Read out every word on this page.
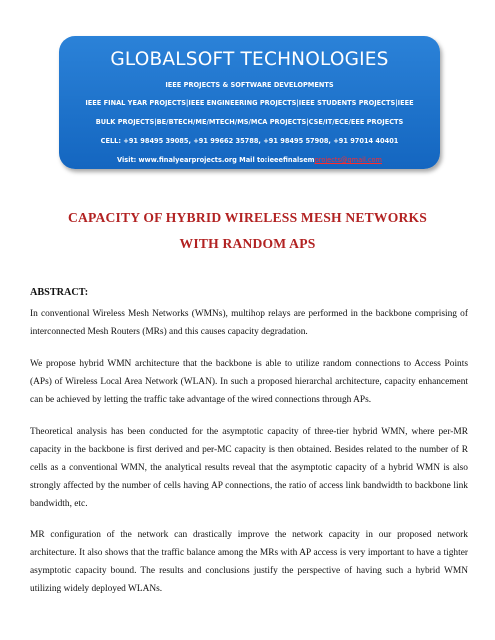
GLOBALSOFT TECHNOLOGIES
IEEE PROJECTS & SOFTWARE DEVELOPMENTS
IEEE FINAL YEAR PROJECTS|IEEE ENGINEERING PROJECTS|IEEE STUDENTS PROJECTS|IEEE
BULK PROJECTS|BE/BTECH/ME/MTECH/MS/MCA PROJECTS|CSE/IT/ECE/EEE PROJECTS
CELL: +91 98495 39085, +91 99662 35788, +91 98495 57908, +91 97014 40401
Visit: www.finalyearprojects.org Mail to:ieeefinalsemprojects@gmail.com
CAPACITY OF HYBRID WIRELESS MESH NETWORKS
WITH RANDOM APS
ABSTRACT:
In conventional Wireless Mesh Networks (WMNs), multihop relays are performed in the backbone comprising of interconnected Mesh Routers (MRs) and this causes capacity degradation.
We propose hybrid WMN architecture that the backbone is able to utilize random connections to Access Points (APs) of Wireless Local Area Network (WLAN). In such a proposed hierarchal architecture, capacity enhancement can be achieved by letting the traffic take advantage of the wired connections through APs.
Theoretical analysis has been conducted for the asymptotic capacity of three-tier hybrid WMN, where per-MR capacity in the backbone is first derived and per-MC capacity is then obtained. Besides related to the number of R cells as a conventional WMN, the analytical results reveal that the asymptotic capacity of a hybrid WMN is also strongly affected by the number of cells having AP connections, the ratio of access link bandwidth to backbone link bandwidth, etc.
MR configuration of the network can drastically improve the network capacity in our proposed network architecture. It also shows that the traffic balance among the MRs with AP access is very important to have a tighter asymptotic capacity bound. The results and conclusions justify the perspective of having such a hybrid WMN utilizing widely deployed WLANs.
